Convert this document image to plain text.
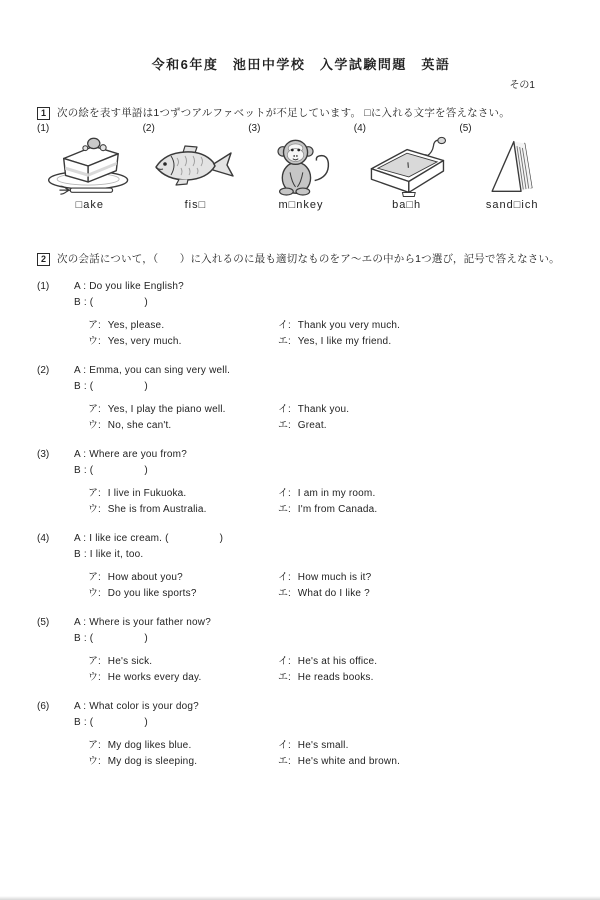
令和6年度　池田中学校　入学試験問題　英語
その1
1	次の絵を表す単語は1つずつアルファベットが不足しています。 □に入れる文字を答えなさい。
(1)
□ake
(2)
fis□
(3)
m□nkey
(4)
ba□h
(5)
sand□ich
2	次の会話について，（　　）に入れるのに最も適切なものをア～エの中から1つ選び，記号で答えなさい。
(1)	A : Do you like English?
B : (　　　　　)
ア: Yes, please.	イ: Thank you very much.
ウ: Yes, very much.	エ: Yes, I like my friend.
(2)	A : Emma, you can sing very well.
B : (　　　　　)
ア: Yes, I play the piano well.	イ: Thank you.
ウ: No, she can't.	エ: Great.
(3)	A : Where are you from?
B : (　　　　　)
ア: I live in Fukuoka.	イ: I am in my room.
ウ: She is from Australia.	エ: I'm from Canada.
(4)	A : I like ice cream. (　　　　　)
B : I like it, too.
ア: How about you?	イ: How much is it?
ウ: Do you like sports?	エ: What do I like ?
(5)	A : Where is your father now?
B : (　　　　　)
ア: He's sick.	イ: He's at his office.
ウ: He works every day.	エ: He reads books.
(6)	A : What color is your dog?
B : (　　　　　)
ア: My dog likes blue.	イ: He's small.
ウ: My dog is sleeping.	エ: He's white and brown.
